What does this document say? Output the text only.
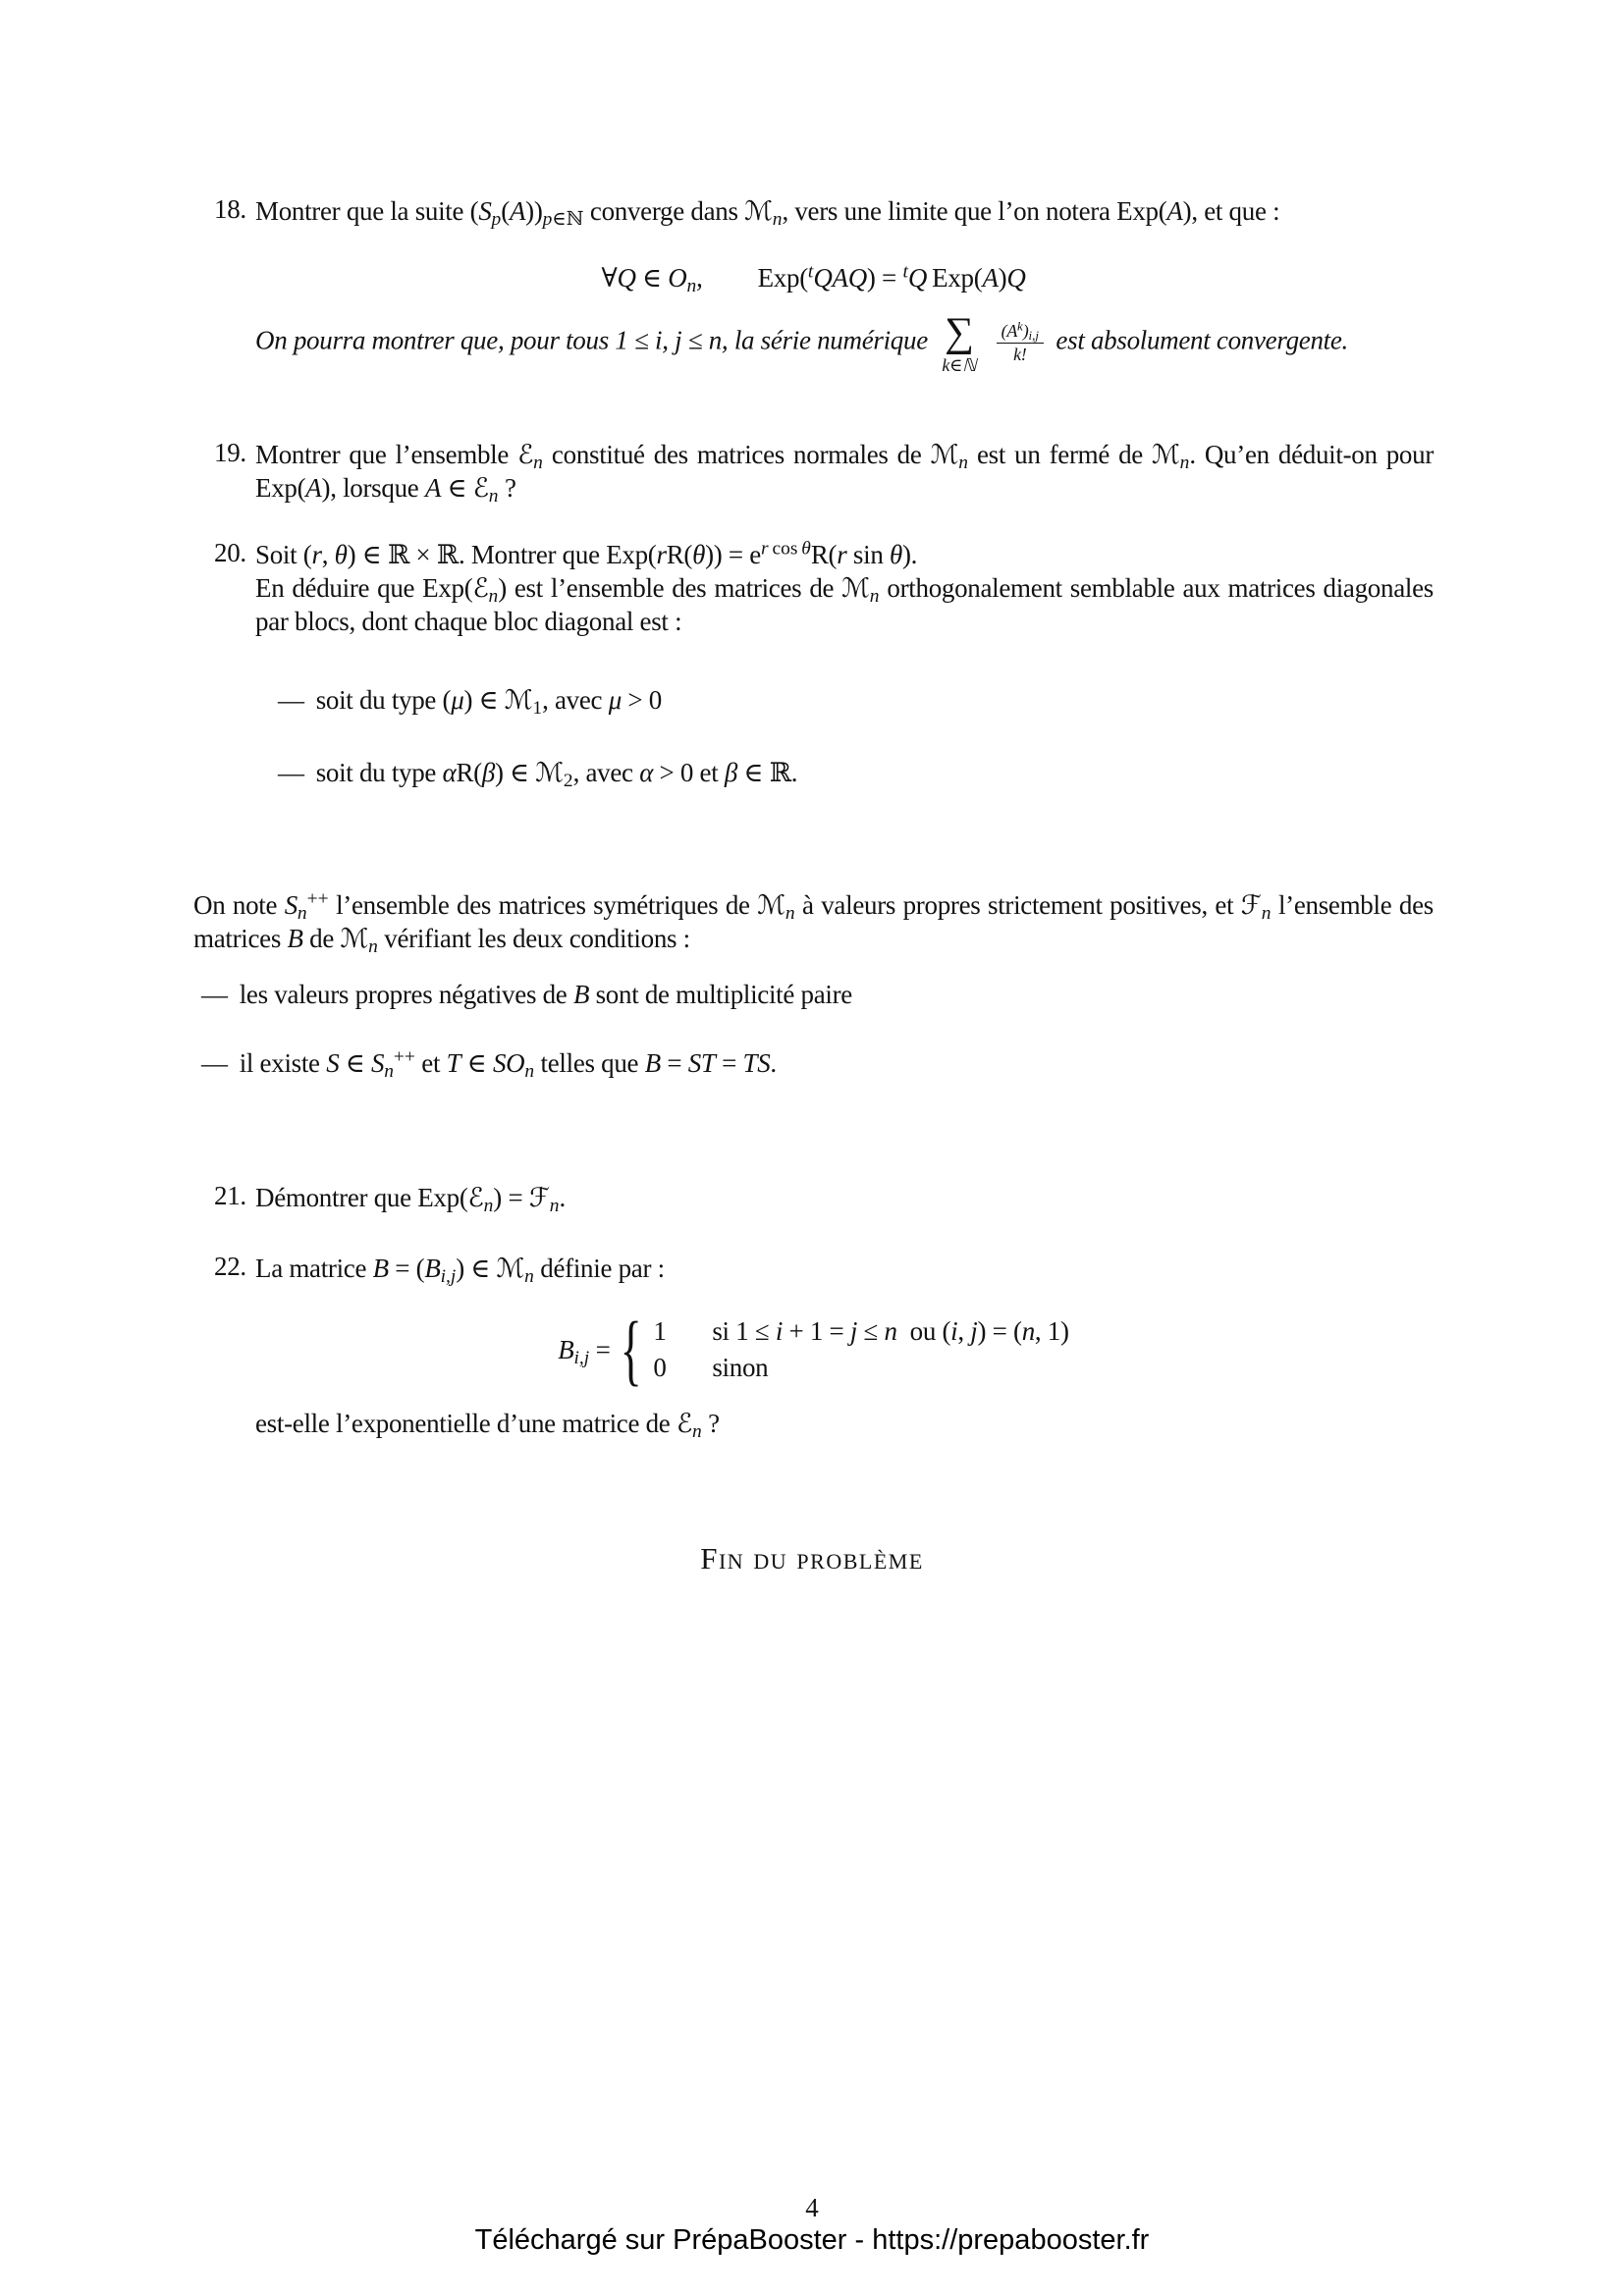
18. Montrer que la suite $(S_p(A))_{p\in ℕ}$ converge dans ℳ$_n$, vers une limite que l’on notera Exp(A), et que :
∀Q ∈ $O_n$, Exp($^t$QAQ) = $^t$Q Exp(A)Q
On pourra montrer que, pour tous 1 ≤ i, j ≤ n, la série numérique ∑
k∈ℕ
$\frac{(A^k)_{i,j}}{k!}$ est absolument convergente.
19. Montrer que l’ensemble ℰ$_n$ constitué des matrices normales de ℳ$_n$ est un fermé de ℳ$_n$. Qu’en déduit-on pour Exp(A), lorsque A ∈ ℰ$_n$ ?
20. Soit (r, θ) ∈ ℝ × ℝ. Montrer que $Exp(rR(\theta)) = e^{r cos \theta}R(r$ sin θ).
En déduire que Exp(ℰ$_n$) est l’ensemble des matrices de ℳ$_n$ orthogonalement semblable aux matrices diagonales par blocs, dont chaque bloc diagonal est :
— soit du type (μ) ∈ ℳ$_1$, avec μ > 0
— soit du type αR(β) ∈ ℳ$_2$, avec α > 0 et β ∈ ℝ.
On note $S_n^{++}$ l’ensemble des matrices symétriques de ℳ$_n$ à valeurs propres strictement positives, et ℱ$_n$ l’ensemble des matrices B de ℳ$_n$ vérifiant les deux conditions :
— les valeurs propres négatives de B sont de multiplicité paire
— il existe S ∈ $S_n^{++}$ et T ∈ $SO_n$ telles que B = ST = TS.
21. Démontrer que Exp(ℰ$_n$) = ℱ$_n$.
22. La matrice $B = (B_{i,j})$ ∈ ℳ$_n$ définie par :
$B_{i,j}$ = { 1	si 1 ≤ i + 1 = j ≤ n  ou (i, j) = (n, 1)
0	sinon
est-elle l’exponentielle d’une matrice de ℰ$_n$ ?
Fin du problème
4
Téléchargé sur PrépaBooster - https://prepabooster.fr
